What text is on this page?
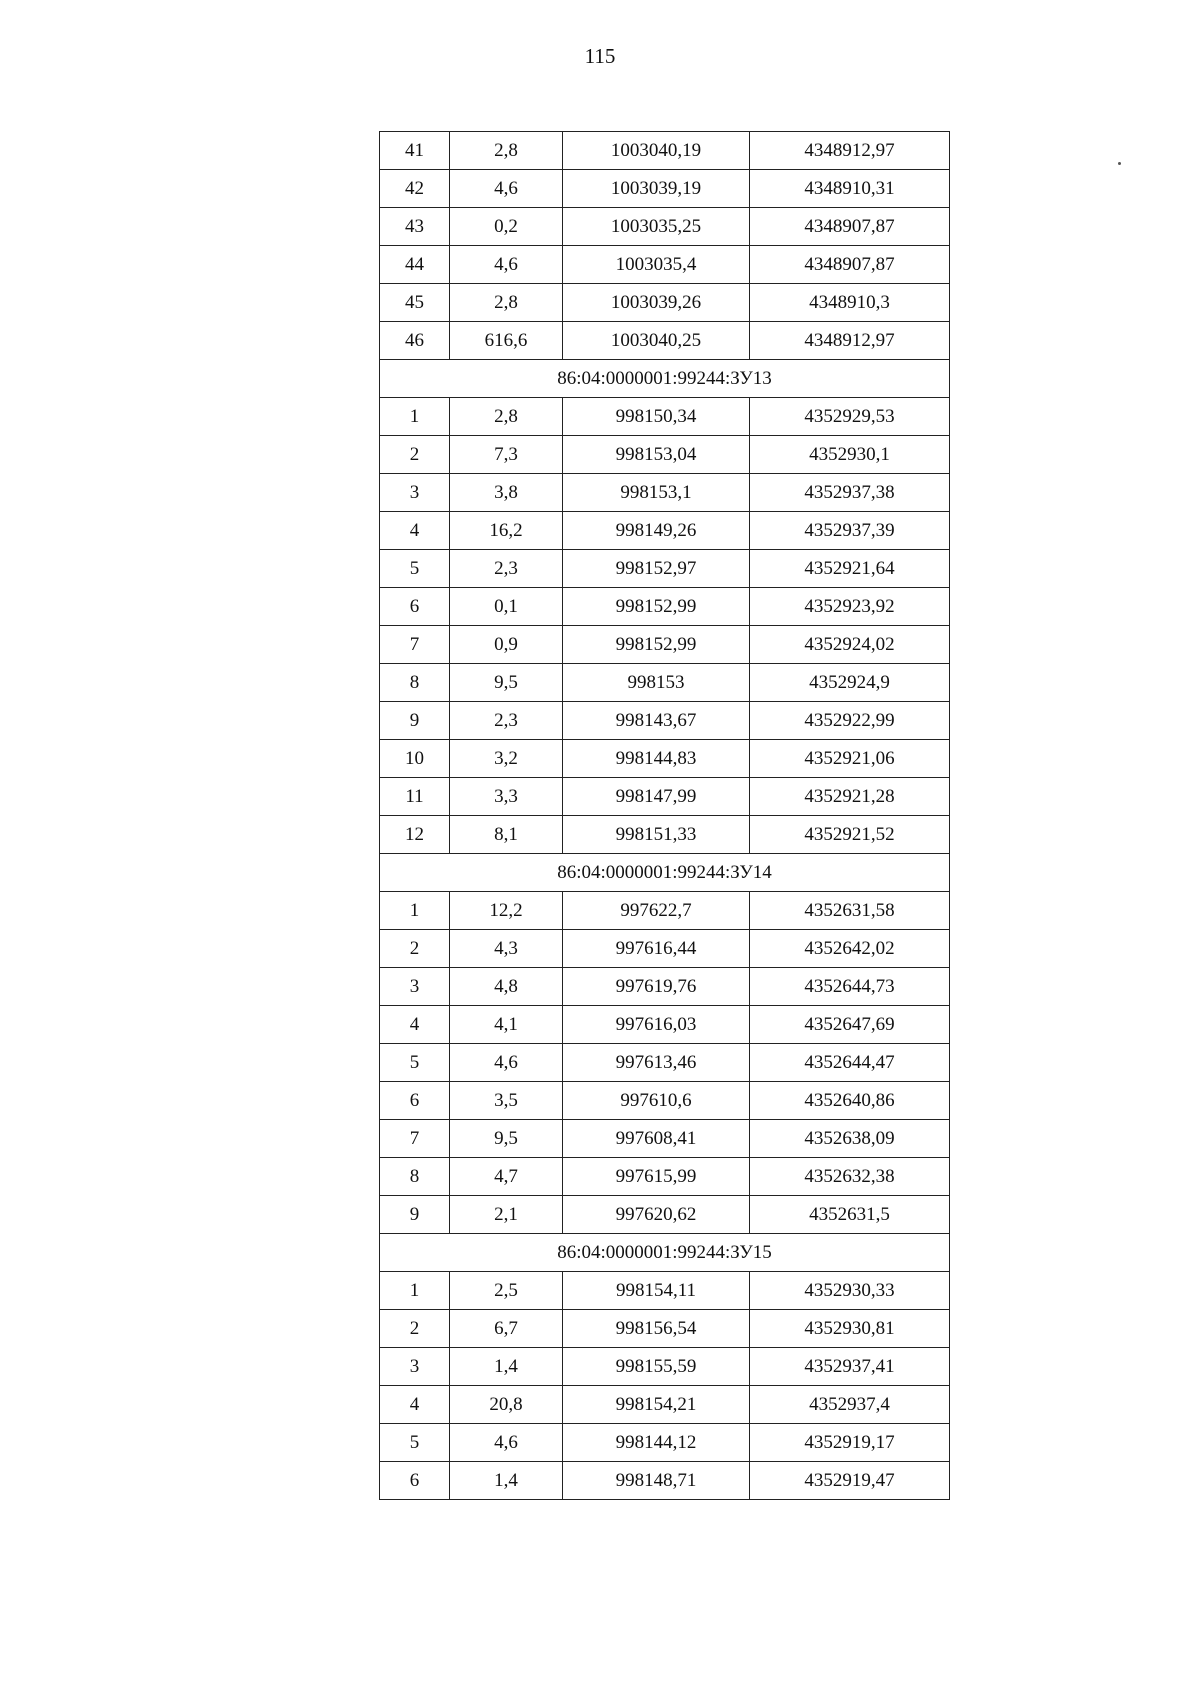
115
41	2,8	1003040,19	4348912,97
42	4,6	1003039,19	4348910,31
43	0,2	1003035,25	4348907,87
44	4,6	1003035,4	4348907,87
45	2,8	1003039,26	4348910,3
46	616,6	1003040,25	4348912,97
86:04:0000001:99244:ЗУ13			
1	2,8	998150,34	4352929,53
2	7,3	998153,04	4352930,1
3	3,8	998153,1	4352937,38
4	16,2	998149,26	4352937,39
5	2,3	998152,97	4352921,64
6	0,1	998152,99	4352923,92
7	0,9	998152,99	4352924,02
8	9,5	998153	4352924,9
9	2,3	998143,67	4352922,99
10	3,2	998144,83	4352921,06
11	3,3	998147,99	4352921,28
12	8,1	998151,33	4352921,52
86:04:0000001:99244:ЗУ14			
1	12,2	997622,7	4352631,58
2	4,3	997616,44	4352642,02
3	4,8	997619,76	4352644,73
4	4,1	997616,03	4352647,69
5	4,6	997613,46	4352644,47
6	3,5	997610,6	4352640,86
7	9,5	997608,41	4352638,09
8	4,7	997615,99	4352632,38
9	2,1	997620,62	4352631,5
86:04:0000001:99244:ЗУ15			
1	2,5	998154,11	4352930,33
2	6,7	998156,54	4352930,81
3	1,4	998155,59	4352937,41
4	20,8	998154,21	4352937,4
5	4,6	998144,12	4352919,17
6	1,4	998148,71	4352919,47
